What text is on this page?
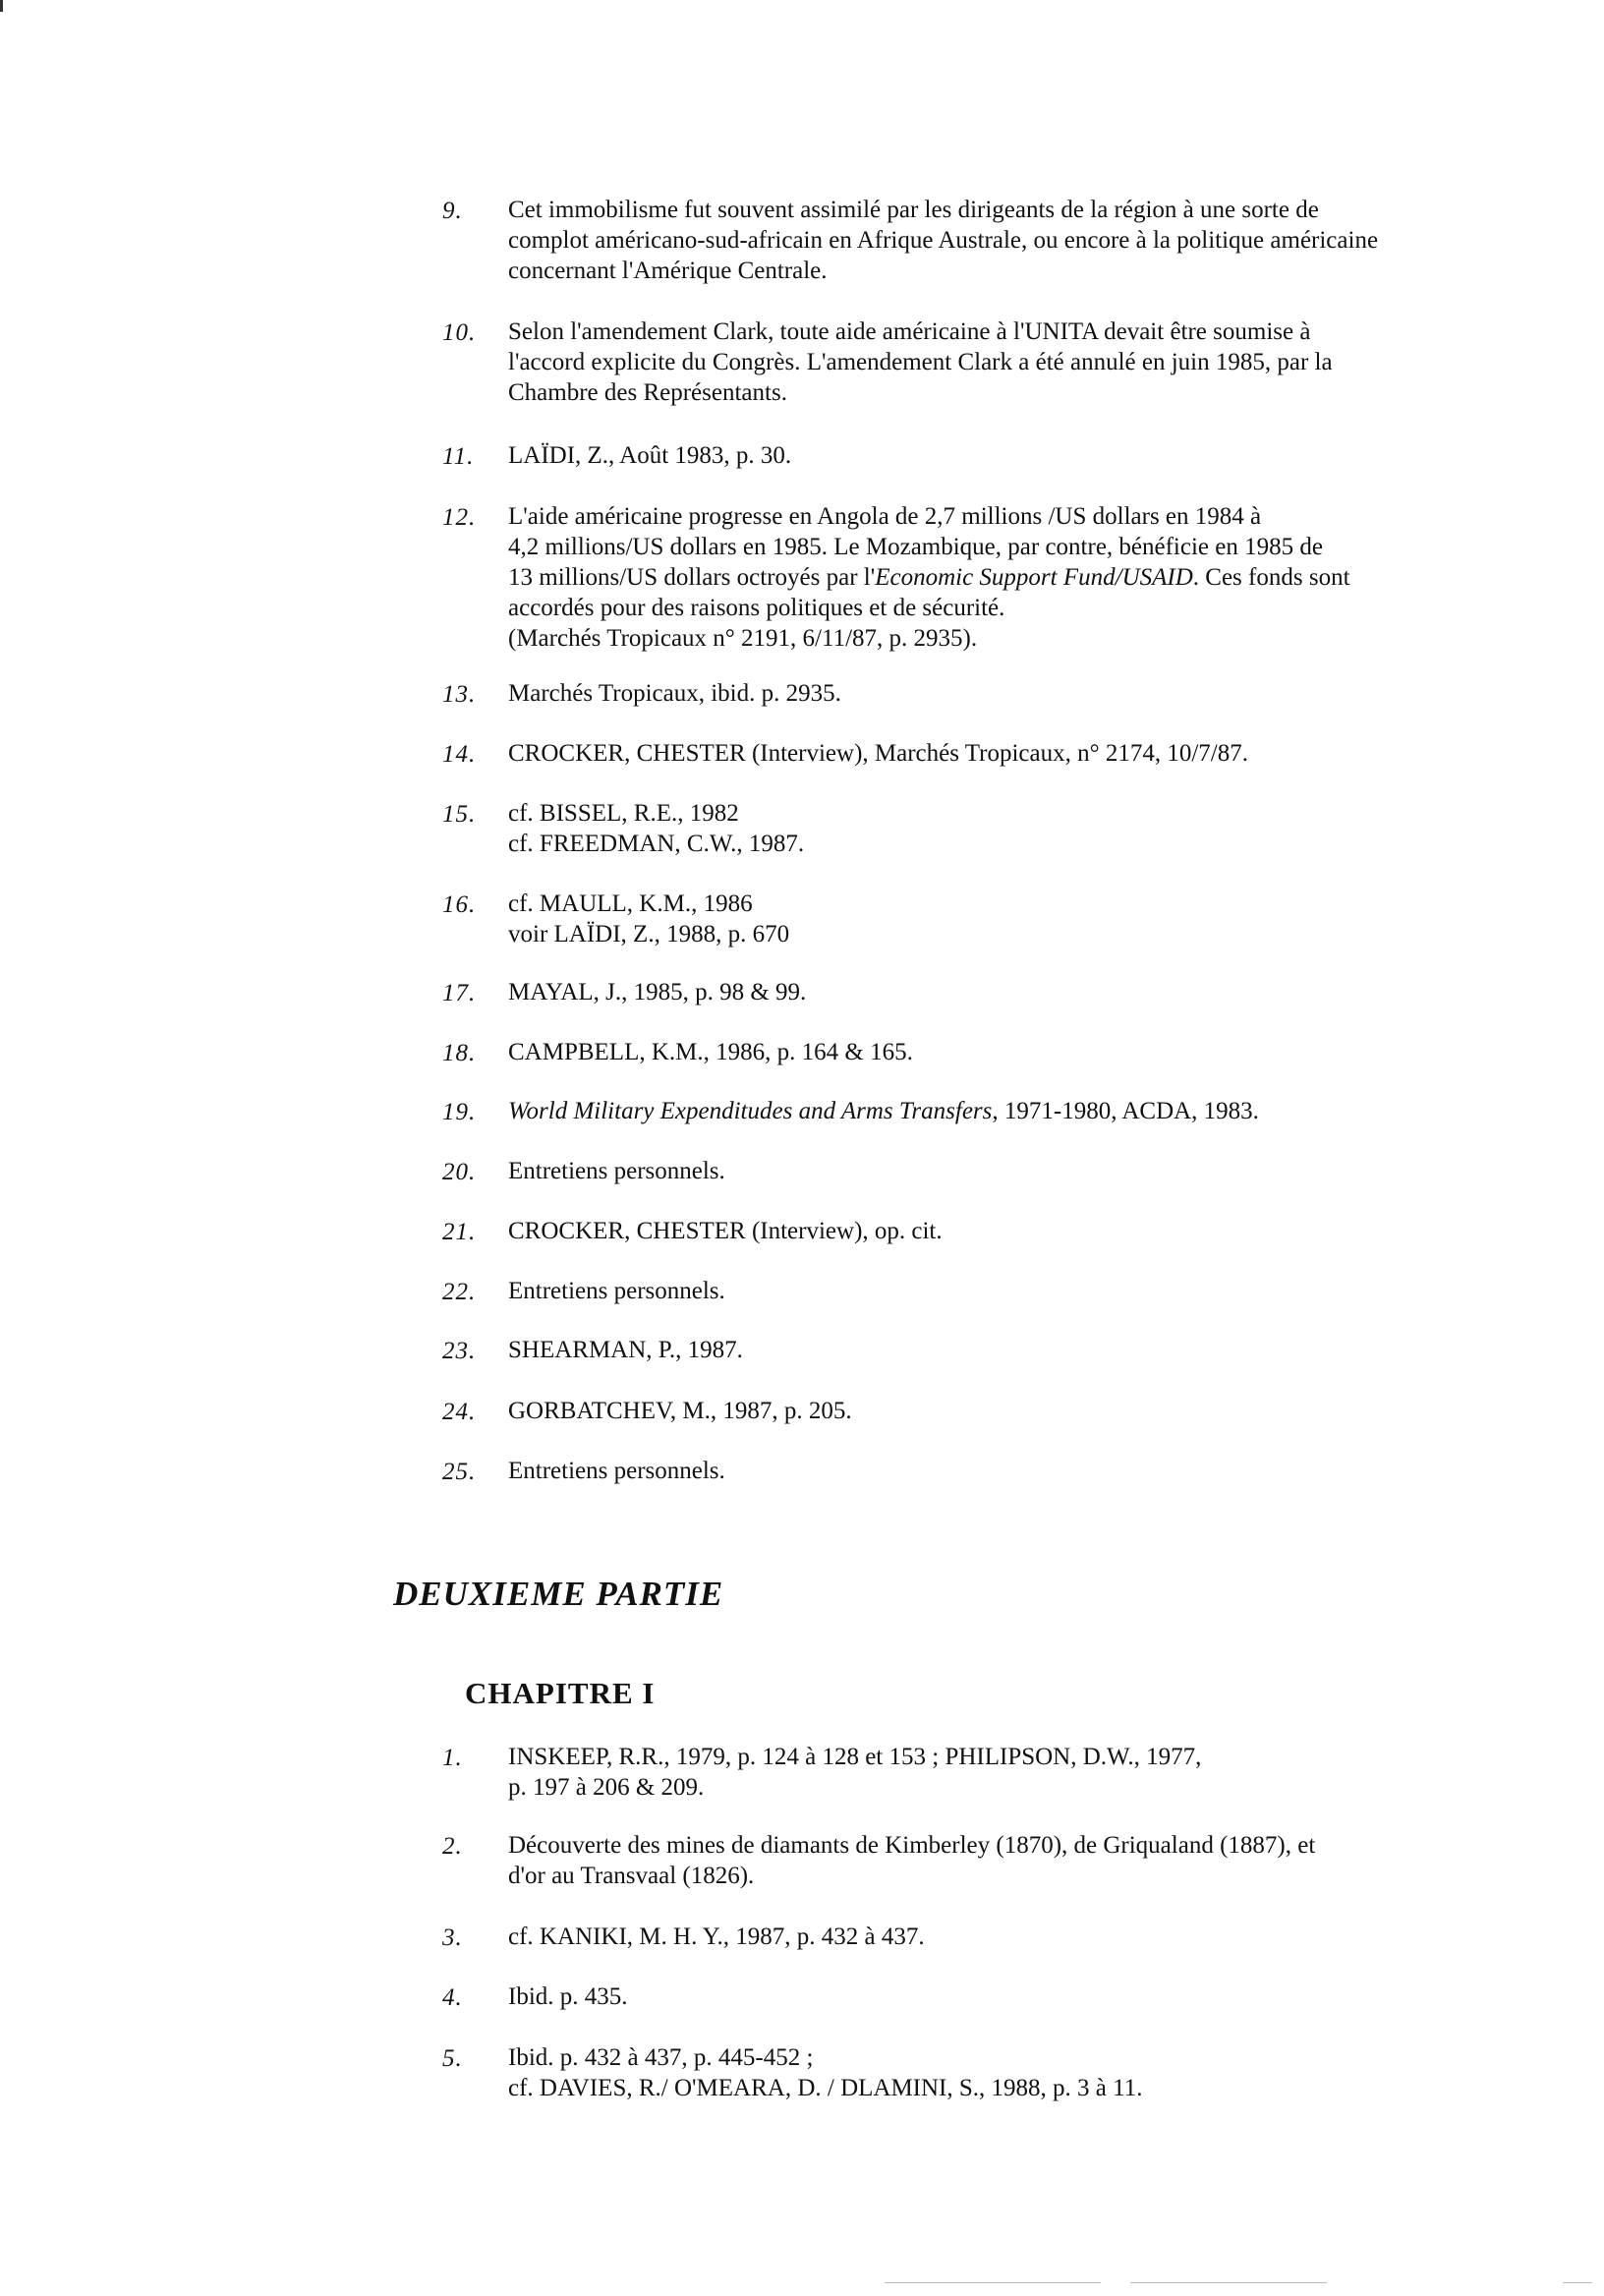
9.	Cet immobilisme fut souvent assimilé par les dirigeants de la région à une sorte de
complot américano-sud-africain en Afrique Australe, ou encore à la politique américaine
concernant l'Amérique Centrale.
10.	Selon l'amendement Clark, toute aide américaine à l'UNITA devait être soumise à
l'accord explicite du Congrès. L'amendement Clark a été annulé en juin 1985, par la
Chambre des Représentants.
11.	LAÏDI, Z., Août 1983, p. 30.
12.	L'aide américaine progresse en Angola de 2,7 millions /US dollars en 1984 à
4,2 millions/US dollars en 1985. Le Mozambique, par contre, bénéficie en 1985 de
13 millions/US dollars octroyés par l'Economic Support Fund/USAID. Ces fonds sont
accordés pour des raisons politiques et de sécurité.
(Marchés Tropicaux n° 2191, 6/11/87, p. 2935).
13.	Marchés Tropicaux, ibid. p. 2935.
14.	CROCKER, CHESTER (Interview), Marchés Tropicaux, n° 2174, 10/7/87.
15.	cf. BISSEL, R.E., 1982
cf. FREEDMAN, C.W., 1987.
16.	cf. MAULL, K.M., 1986
voir LAÏDI, Z., 1988, p. 670
17.	MAYAL, J., 1985, p. 98 & 99.
18.	CAMPBELL, K.M., 1986, p. 164 & 165.
19.	World Military Expenditudes and Arms Transfers, 1971-1980, ACDA, 1983.
20.	Entretiens personnels.
21.	CROCKER, CHESTER (Interview), op. cit.
22.	Entretiens personnels.
23.	SHEARMAN, P., 1987.
24.	GORBATCHEV, M., 1987, p. 205.
25.	Entretiens personnels.
DEUXIEME PARTIE
CHAPITRE I
1.	INSKEEP, R.R., 1979, p. 124 à 128 et 153 ; PHILIPSON, D.W., 1977,
p. 197 à 206 & 209.
2.	Découverte des mines de diamants de Kimberley (1870), de Griqualand (1887), et
d'or au Transvaal (1826).
3.	cf. KANIKI, M. H. Y., 1987, p. 432 à 437.
4.	Ibid. p. 435.
5.	Ibid. p. 432 à 437, p. 445-452 ;
cf. DAVIES, R./ O'MEARA, D. / DLAMINI, S., 1988, p. 3 à 11.
